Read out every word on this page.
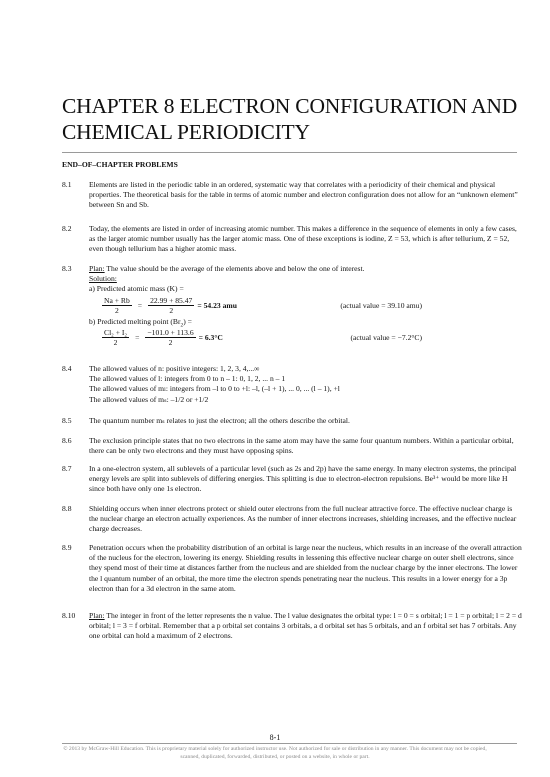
CHAPTER 8 ELECTRON CONFIGURATION AND CHEMICAL PERIODICITY

END–OF–CHAPTER PROBLEMS

8.1 Elements are listed in the periodic table in an ordered, systematic way that correlates with a periodicity of their chemical and physical properties. The theoretical basis for the table in terms of atomic number and electron configuration does not allow for an “unknown element” between Sn and Sb.

8.2 Today, the elements are listed in order of increasing atomic number. This makes a difference in the sequence of elements in only a few cases, as the larger atomic number usually has the larger atomic mass. One of these exceptions is iodine, Z = 53, which is after tellurium, Z = 52, even though tellurium has a higher atomic mass.

8.3 Plan: The value should be the average of the elements above and below the one of interest.

Solution:

a) Predicted atomic mass (K) =

$\frac{Na + Rb}{2} = \frac{22.99 + 85.47}{2} = 54.23$ amu	(actual value = 39.10 amu)

b) Predicted melting point $(Br_2)$ =

$\frac{\text{Cl₂ + I₂}}{2} = \frac{-101.0 + 113.6}{2} = 6.3^\circ C$	(actual value = −7.2°C)
8.4 The allowed values of n: positive integers: 1, 2, 3, 4,...∞

The allowed values of l: integers from 0 to n – 1: 0, 1, 2, ... n – 1

The allowed values of mₗ: integers from –l to 0 to +l: –l, (–l + 1), ... 0, ... (l – 1), +l

The allowed values of mₛ: –1/2 or +1/2

8.5 The quantum number mₛ relates to just the electron; all the others describe the orbital.

8.6 The exclusion principle states that no two electrons in the same atom may have the same four quantum numbers. Within a particular orbital, there can be only two electrons and they must have opposing spins.

8.7 In a one-electron system, all sublevels of a particular level (such as 2s and 2p) have the same energy. In many electron systems, the principal energy levels are split into sublevels of differing energies. This splitting is due to electron-electron repulsions. Be³⁺ would be more like H since both have only one 1s electron.

8.8 Shielding occurs when inner electrons protect or shield outer electrons from the full nuclear attractive force. The effective nuclear charge is the nuclear charge an electron actually experiences. As the number of inner electrons increases, shielding increases, and the effective nuclear charge decreases.

8.9 Penetration occurs when the probability distribution of an orbital is large near the nucleus, which results in an increase of the overall attraction of the nucleus for the electron, lowering its energy. Shielding results in lessening this effective nuclear charge on outer shell electrons, since they spend most of their time at distances farther from the nucleus and are shielded from the nuclear charge by the inner electrons. The lower the l quantum number of an orbital, the more time the electron spends penetrating near the nucleus. This results in a lower energy for a 3p electron than for a 3d electron in the same atom.

8.10 Plan: The integer in front of the letter represents the n value. The l value designates the orbital type: l = 0 = s orbital; l = 1 = p orbital; l = 2 = d orbital; l = 3 = f orbital. Remember that a p orbital set contains 3 orbitals, a d orbital set has 5 orbitals, and an f orbital set has 7 orbitals. Any one orbital can hold a maximum of 2 electrons.

8-1
© 2013 by McGraw-Hill Education. This is proprietary material solely for authorized instructor use. Not authorized for sale or distribution in any manner. This document may not be copied, scanned, duplicated, forwarded, distributed, or posted on a website, in whole or part.
